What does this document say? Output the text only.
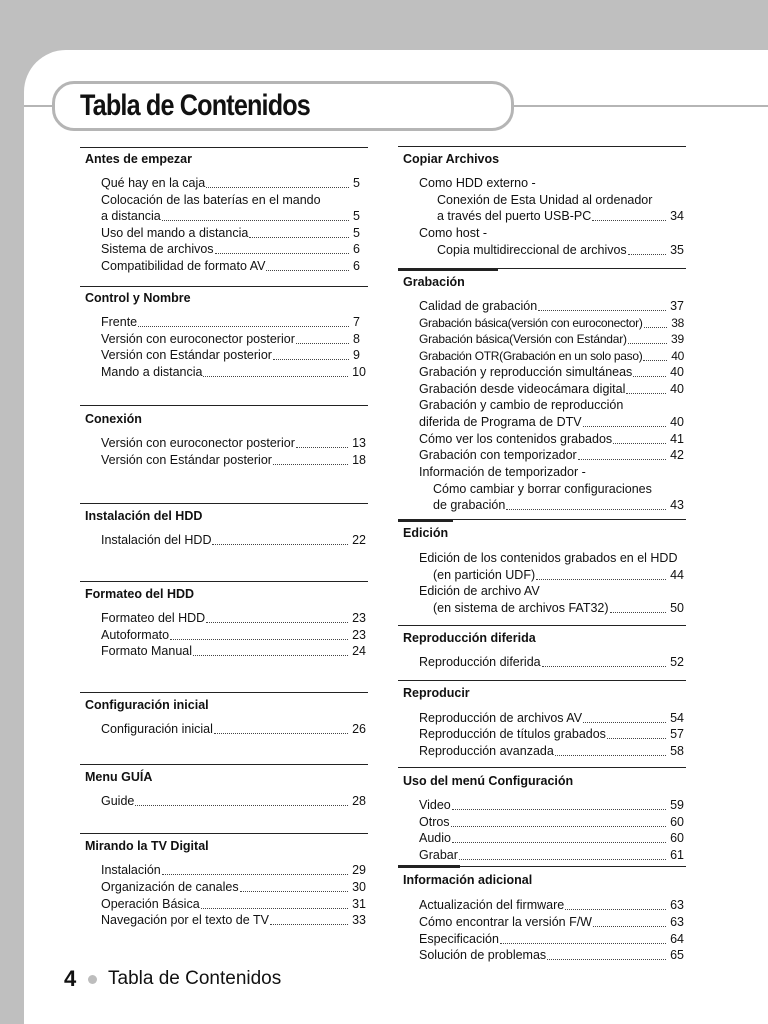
Tabla de Contenidos
Antes de empezar
Qué hay en la caja	5
Colocación de las baterías en el mando
a distancia	5
Uso del mando a distancia	5
Sistema de archivos	6
Compatibilidad de formato AV	6
Control y Nombre
Frente	7
Versión con euroconector posterior	8
Versión con Estándar posterior	9
Mando a distancia	10
Conexión
Versión con euroconector posterior	13
Versión con Estándar posterior	18
Instalación del HDD
Instalación del HDD	22
Formateo del HDD
Formateo del HDD	23
Autoformato	23
Formato Manual	24
Configuración inicial
Configuración inicial	26
Menu GUÍA
Guide	28
Mirando la TV Digital
Instalación	29
Organización de canales	30
Operación Básica	31
Navegación por el texto de TV	33
Copiar Archivos
Como HDD externo -
Conexión de Esta Unidad al ordenador
a través del puerto USB-PC	34
Como host -
Copia multidireccional de archivos	35
Grabación
Calidad de grabación	37
Grabación básica(versión con euroconector) 38
Grabación básica(Versión con Estándar)	39
Grabación OTR(Grabación en un solo paso) 40
Grabación y reproducción simultáneas	40
Grabación desde videocámara digital	40
Grabación y cambio de reproducción
diferida de Programa de DTV	40
Cómo ver los contenidos grabados	41
Grabación con temporizador	42
Información de temporizador -
Cómo cambiar y borrar configuraciones
de grabación	43
Edición
Edición de los contenidos grabados en el HDD
(en partición UDF)	44
Edición de archivo AV
(en sistema de archivos FAT32)	50
Reproducción diferida
Reproducción diferida	52
Reproducir
Reproducción de archivos AV	54
Reproducción de títulos grabados	57
Reproducción avanzada	58
Uso del menú Configuración
Video	59
Otros	60
Audio	60
Grabar	61
Información adicional
Actualización del firmware	63
Cómo encontrar la versión F/W	63
Especificación	64
Solución de problemas	65
4 Tabla de Contenidos
